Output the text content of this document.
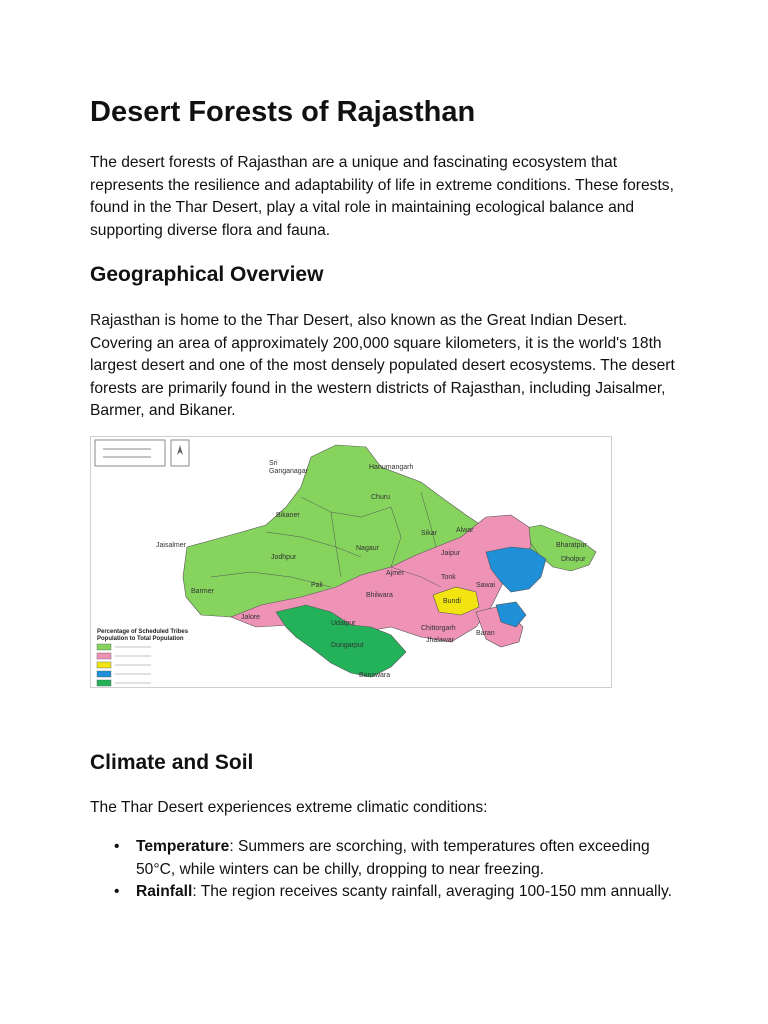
Desert Forests of Rajasthan

The desert forests of Rajasthan are a unique and fascinating ecosystem that represents the resilience and adaptability of life in extreme conditions. These forests, found in the Thar Desert, play a vital role in maintaining ecological balance and supporting diverse flora and fauna.

Geographical Overview

Rajasthan is home to the Thar Desert, also known as the Great Indian Desert. Covering an area of approximately 200,000 square kilometers, it is the world's 18th largest desert and one of the most densely populated desert ecosystems. The desert forests are primarily found in the western districts of Rajasthan, including Jaisalmer, Barmer, and Bikaner.

Sri
Ganganagar
Hanumangarh
Churu
Bikaner
Jaisalmer
Jodhpur
Nagaur
Sikar	Alwar
Bharatpur
Dholpur
Jaipur
Barmer
Pali
Ajmer
Tonk
Bundi
Sawai
Jalore
Bhilwara
Chittorgarh
Udaipur
Dungarpur
Banswara
Baran
Jhalawar
Percentage of Scheduled Tribes
Population to Total Population
Climate and Soil

The Thar Desert experiences extreme climatic conditions:

• Temperature: Summers are scorching, with temperatures often exceeding 50°C, while winters can be chilly, dropping to near freezing.
• Rainfall: The region receives scanty rainfall, averaging 100-150 mm annually.
